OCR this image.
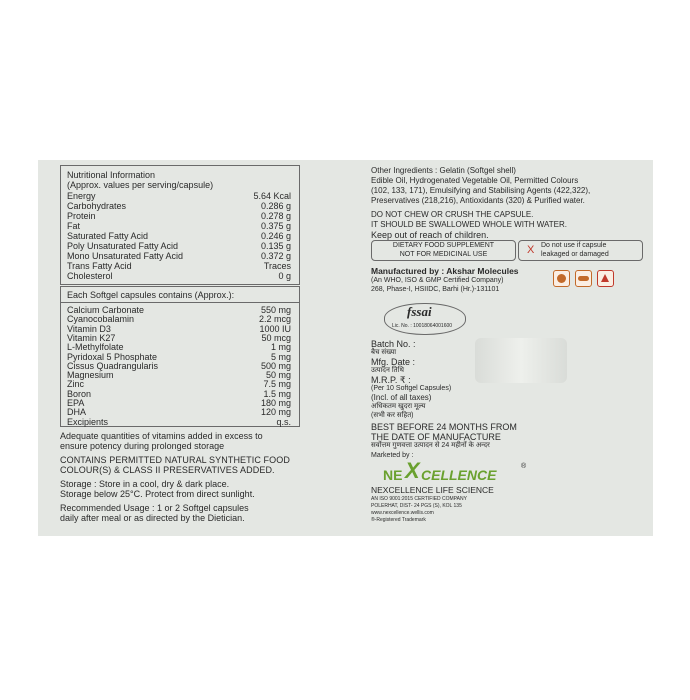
Nutritional Information
(Approx. values per serving/capsule)
Energy	5.64 Kcal
Carbohydrates	0.286 g
Protein	0.278 g
Fat	0.375 g
Saturated Fatty Acid	0.246 g
Poly Unsaturated Fatty Acid	0.135 g
Mono Unsaturated Fatty Acid	0.372 g
Trans Fatty Acid	Traces
Cholesterol	0 g
Each Softgel capsules contains (Approx.):
Calcium Carbonate	550 mg
Cyanocobalamin	2.2 mcg
Vitamin D3	1000 IU
Vitamin K27	50 mcg
L-Methylfolate	1 mg
Pyridoxal 5 Phosphate	5 mg
Cissus Quadrangularis	500 mg
Magnesium	50 mg
Zinc	7.5 mg
Boron	1.5 mg
EPA	180 mg
DHA	120 mg
Excipients	q.s.
Adequate quantities of vitamins added in excess to
ensure potency during prolonged storage
CONTAINS PERMITTED NATURAL SYNTHETIC FOOD
COLOUR(S) & CLASS II PRESERVATIVES ADDED.
Storage : Store in a cool, dry & dark place.
Storage below 25°C. Protect from direct sunlight.
Recommended Usage : 1 or 2 Softgel capsules
daily after meal or as directed by the Dietician.
Other Ingredients : Gelatin (Softgel shell)
Edible Oil, Hydrogenated Vegetable Oil, Permitted Colours
(102, 133, 171), Emulsifying and Stabilising Agents (422,322),
Preservatives (218,216), Antioxidants (320) & Purified water.
DO NOT CHEW OR CRUSH THE CAPSULE.
IT SHOULD BE SWALLOWED WHOLE WITH WATER.
Keep out of reach of children.
DIETARY FOOD SUPPLEMENT
NOT FOR MEDICINAL USE	X Do not use if capsule
leakaged or damaged
Manufactured by : Akshar Molecules
(An WHO, ISO & GMP Certified Company)
268, Phase-I, HSIIDC, Barhi (Hr.)-131101
fssai
Lic. No. : 10018064001600
Batch No. :
बैच संख्या
Mfg. Date :
उत्पादन तिथि
M.R.P. ₹ :
(Per 10 Softgel Capsules)
(Incl. of all taxes)
अधिकतम खुदरा मूल्य
(सभी कर सहित)
BEST BEFORE 24 MONTHS FROM
THE DATE OF MANUFACTURE
सर्वोत्तम गुणवत्ता उत्पादन से 24 महीनों के अन्दर
Marketed by :
NE X CELLENCE
®
NEXCELLENCE LIFE SCIENCE
AN ISO 9001:2015 CERTIFIED COMPANY
POLERHAT, DIST- 24 PGS (S), KOL 135
www.nexcellence.wellis.com
®-Registered Trademark
